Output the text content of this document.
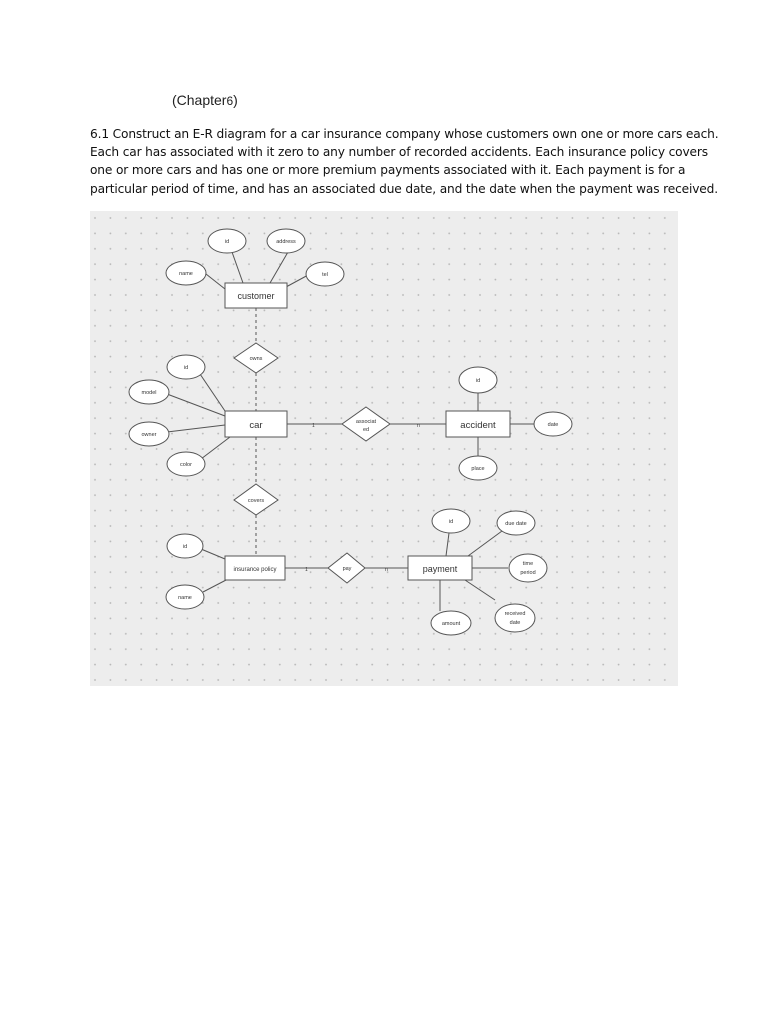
(Chapter6)
6.1 Construct an E-R diagram for a car insurance company whose customers own one or more cars each.
Each car has associated with it zero to any number of recorded accidents. Each insurance policy covers
one or more cars and has one or more premium payments associated with it. Each payment is for a
particular period of time, and has an associated due date, and the date when the payment was received.
1	n
1	n
customer
car	accident
insurance policy	payment
owns
associat
ed
covers
pay
id	address
name	tel
id
model
owner
color
id
date
place
id
name
id	due date
time
period
received
date
amount
